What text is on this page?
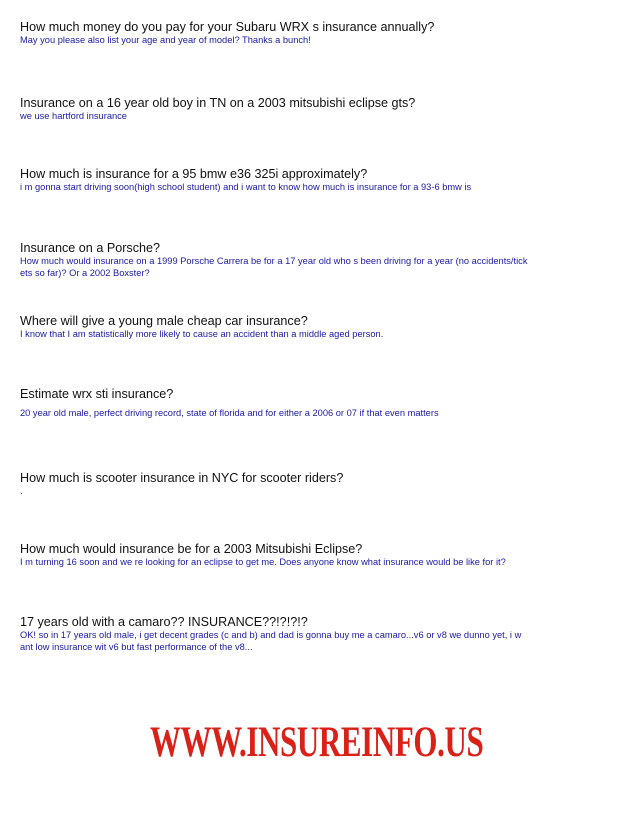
How much money do you pay for your Subaru WRX s insurance annually?

May you please also list your age and year of model? Thanks a bunch!

Insurance on a 16 year old boy in TN on a 2003 mitsubishi eclipse gts?

we use hartford insurance

How much is insurance for a 95 bmw e36 325i approximately?

i m gonna start driving soon(high school student) and i want to know how much is insurance for a 93-6 bmw is

Insurance on a Porsche?

How much would insurance on a 1999 Porsche Carrera be for a 17 year old who s been driving for a year (no accidents/tick

ets so far)? Or a 2002 Boxster?

Where will give a young male cheap car insurance?

I know that I am statistically more likely to cause an accident than a middle aged person.

Estimate wrx sti insurance?

20 year old male, perfect driving record, state of florida and for either a 2006 or 07 if that even matters

How much is scooter insurance in NYC for scooter riders?

.

How much would insurance be for a 2003 Mitsubishi Eclipse?

I m turning 16 soon and we re looking for an eclipse to get me. Does anyone know what insurance would be like for it?

17 years old with a camaro?? INSURANCE??!?!?!?

OK! so in 17 years old male, i get decent grades (c and b) and dad is gonna buy me a camaro...v6 or v8 we dunno yet, i w

ant low insurance wit v6 but fast performance of the v8...

WWW.INSUREINFO.US
